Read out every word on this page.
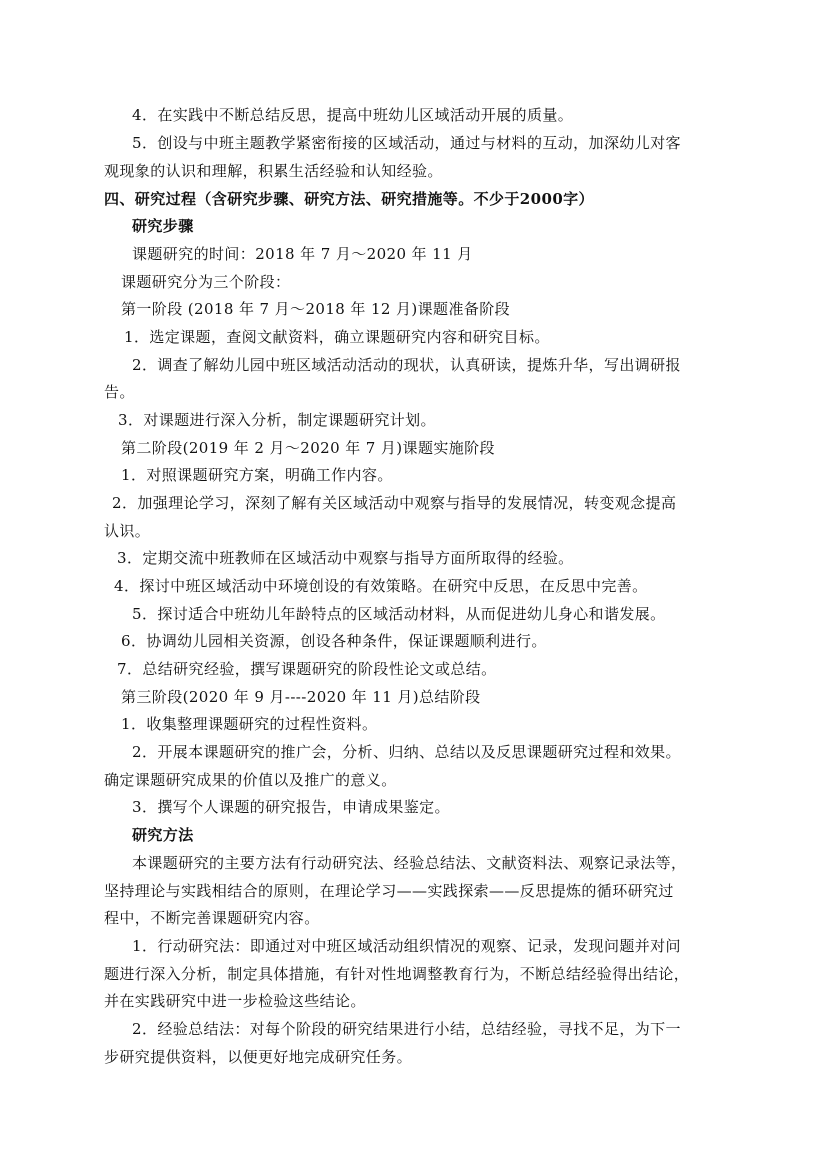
4．在实践中不断总结反思，提高中班幼儿区域活动开展的质量。
5．创设与中班主题教学紧密衔接的区域活动，通过与材料的互动，加深幼儿对客
观现象的认识和理解，积累生活经验和认知经验。
四、研究过程（含研究步骤、研究方法、研究措施等。不少于2000字）
研究步骤
课题研究的时间：2018 年 7 月～2020 年 11 月
课题研究分为三个阶段：
第一阶段 (2018 年 7 月～2018 年 12 月)课题准备阶段
1．选定课题，查阅文献资料，确立课题研究内容和研究目标。
2．调查了解幼儿园中班区域活动活动的现状，认真研读，提炼升华，写出调研报
告。
3．对课题进行深入分析，制定课题研究计划。
第二阶段(2019 年 2 月～2020 年 7 月)课题实施阶段
1．对照课题研究方案，明确工作内容。
2．加强理论学习，深刻了解有关区域活动中观察与指导的发展情况，转变观念提高
认识。
3．定期交流中班教师在区域活动中观察与指导方面所取得的经验。
4．探讨中班区域活动中环境创设的有效策略。在研究中反思，在反思中完善。
5．探讨适合中班幼儿年龄特点的区域活动材料，从而促进幼儿身心和谐发展。
6．协调幼儿园相关资源，创设各种条件，保证课题顺利进行。
7．总结研究经验，撰写课题研究的阶段性论文或总结。
第三阶段(2020 年 9 月----2020 年 11 月)总结阶段
1．收集整理课题研究的过程性资料。
2．开展本课题研究的推广会，分析、归纳、总结以及反思课题研究过程和效果。
确定课题研究成果的价值以及推广的意义。
3．撰写个人课题的研究报告，申请成果鉴定。
研究方法
本课题研究的主要方法有行动研究法、经验总结法、文献资料法、观察记录法等，
坚持理论与实践相结合的原则，在理论学习——实践探索——反思提炼的循环研究过
程中，不断完善课题研究内容。
1．行动研究法：即通过对中班区域活动组织情况的观察、记录，发现问题并对问
题进行深入分析，制定具体措施，有针对性地调整教育行为，不断总结经验得出结论，
并在实践研究中进一步检验这些结论。
2．经验总结法：对每个阶段的研究结果进行小结，总结经验，寻找不足，为下一
步研究提供资料，以便更好地完成研究任务。
